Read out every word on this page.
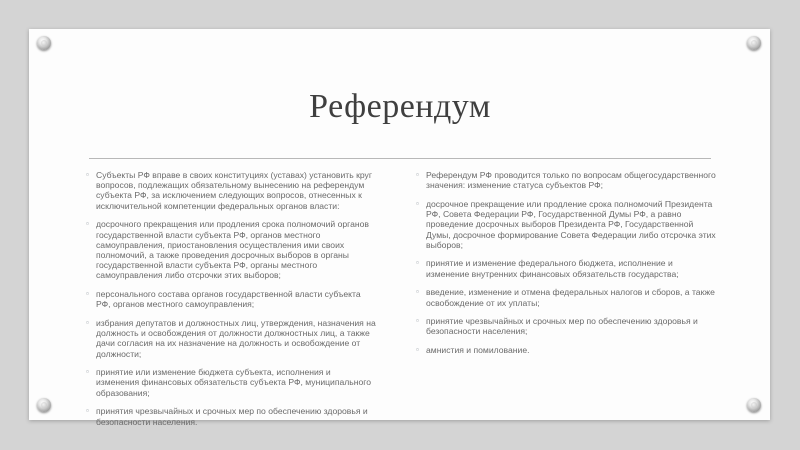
Референдум
▫ Субъекты РФ вправе в своих конституциях (уставах) установить круг вопросов, подлежащих обязательному вынесению на референдум субъекта РФ, за исключением следующих вопросов, отнесенных к исключительной компетенции федеральных органов власти:
▫ досрочного прекращения или продления срока полномочий органов государственной власти субъекта РФ, органов местного самоуправления, приостановления осуществления ими своих полномочий, а также проведения досрочных выборов в органы государственной власти субъекта РФ, органы местного самоуправления либо отсрочки этих выборов;
▫ персонального состава органов государственной власти субъекта РФ, органов местного самоуправления;
▫ избрания депутатов и должностных лиц, утверждения, назначения на должность и освобождения от должности должностных лиц, а также дачи согласия на их назначение на должность и освобождение от должности;
▫ принятие или изменение бюджета субъекта, исполнения и изменения финансовых обязательств субъекта РФ, муниципального образования;
▫ принятия чрезвычайных и срочных мер по обеспечению здоровья и безопасности населения.
▫ Референдум РФ проводится только по вопросам общегосударственного значения: изменение статуса субъектов РФ;
▫ досрочное прекращение или продление срока полномочий Президента РФ, Совета Федерации РФ, Государственной Думы РФ, а равно проведение досрочных выборов Президента РФ, Государственной Думы, досрочное формирование Совета Федерации либо отсрочка этих выборов;
▫ принятие и изменение федерального бюджета, исполнение и изменение внутренних финансовых обязательств государства;
▫ введение, изменение и отмена федеральных налогов и сборов, а также освобождение от их уплаты;
▫ принятие чрезвычайных и срочных мер по обеспечению здоровья и безопасности населения;
▫ амнистия и помилование.
